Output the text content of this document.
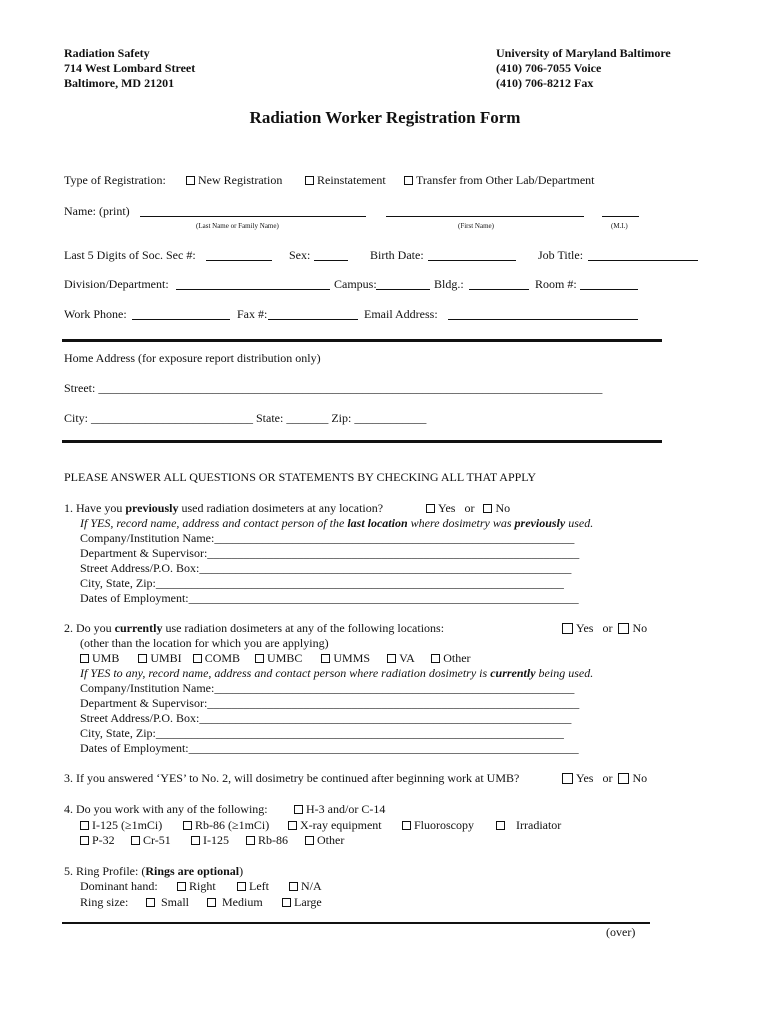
Radiation Safety
714 West Lombard Street
Baltimore, MD 21201
University of Maryland Baltimore
(410) 706-7055 Voice
(410) 706-8212 Fax
Radiation Worker Registration Form
Type of Registration:	New Registration	Reinstatement	Transfer from Other Lab/Department
Name: (print)
(Last Name or Family Name)	(First Name)	(M.I.)
Last 5 Digits of Soc. Sec #:	Sex:	Birth Date:	Job Title:
Division/Department:	Campus:	Bldg.:	Room #:
Work Phone:	Fax #:	Email Address:
Home Address (for exposure report distribution only)
Street: ____________________________________________________________________________________
City: ___________________________ State: _______ Zip: ____________
PLEASE ANSWER ALL QUESTIONS OR STATEMENTS BY CHECKING ALL THAT APPLY
1. Have you previously used radiation dosimeters at any location?	Yes or No
If YES, record name, address and contact person of the last location where dosimetry was previously used.
Company/Institution Name:____________________________________________________________
Department & Supervisor:______________________________________________________________
Street Address/P.O. Box:______________________________________________________________
City, State, Zip:____________________________________________________________________
Dates of Employment:_________________________________________________________________
2. Do you currently use radiation dosimeters at any of the following locations:	Yes or No
(other than the location for which you are applying)
UMB	UMBI COMB UMBC	UMMS VA Other
If YES to any, record name, address and contact person where radiation dosimetry is currently being used.
Company/Institution Name:____________________________________________________________
Department & Supervisor:______________________________________________________________
Street Address/P.O. Box:______________________________________________________________
City, State, Zip:____________________________________________________________________
Dates of Employment:_________________________________________________________________
3. If you answered ‘YES’ to No. 2, will dosimetry be continued after beginning work at UMB?	Yes or No
4. Do you work with any of the following:	H-3 and/or C-14
I-125 (≥1mCi)	Rb-86 (≥1mCi)	X-ray equipment	Fluoroscopy	Irradiator
P-32	Cr-51	I-125	Rb-86	Other
5. Ring Profile: (Rings are optional)
Dominant hand:	Right	Left	N/A
Ring size:	Small	Medium	Large
(over)
